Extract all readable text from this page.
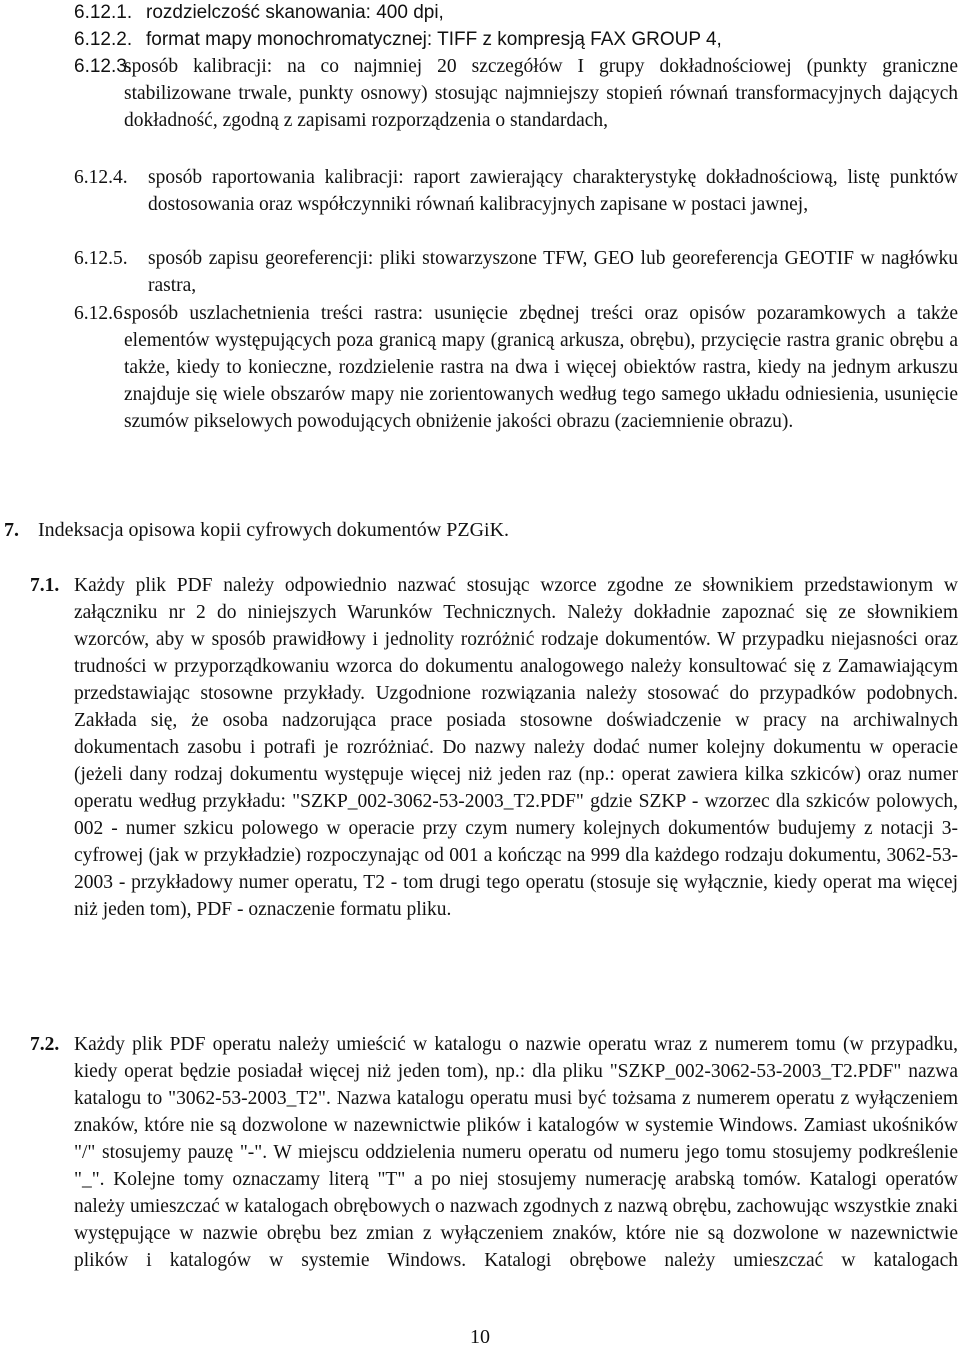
6.12.1. rozdzielczość skanowania: 400 dpi,
6.12.2. format mapy monochromatycznej: TIFF z kompresją FAX GROUP 4,
6.12.3.
sposób kalibracji: na co najmniej 20 szczegółów I grupy dokładnościowej (punkty graniczne stabilizowane trwale, punkty osnowy) stosując najmniejszy stopień równań transformacyjnych dających dokładność, zgodną z zapisami rozporządzenia o standardach,
6.12.4. sposób raportowania kalibracji: raport zawierający charakterystykę dokładnościową, listę punktów dostosowania oraz współczynniki równań kalibracyjnych zapisane w postaci jawnej,
6.12.5. sposób zapisu georeferencji: pliki stowarzyszone TFW, GEO lub georeferencja GEOTIF w nagłówku rastra,
6.12.6.
sposób uszlachetnienia treści rastra: usunięcie zbędnej treści oraz opisów pozaramkowych a także elementów występujących poza granicą mapy (granicą arkusza, obrębu), przycięcie rastra granic obrębu a także, kiedy to konieczne, rozdzielenie rastra na dwa i więcej obiektów rastra, kiedy na jednym arkuszu znajduje się wiele obszarów mapy nie zorientowanych według tego samego układu odniesienia, usunięcie szumów pikselowych powodujących obniżenie jakości obrazu (zaciemnienie obrazu).
7. Indeksacja opisowa kopii cyfrowych dokumentów PZGiK.
7.1. Każdy plik PDF należy odpowiednio nazwać stosując wzorce zgodne ze słownikiem przedstawionym w załączniku nr 2 do niniejszych Warunków Technicznych. Należy dokładnie zapoznać się ze słownikiem wzorców, aby w sposób prawidłowy i jednolity rozróżnić rodzaje dokumentów. W przypadku niejasności oraz trudności w przyporządkowaniu wzorca do dokumentu analogowego należy konsultować się z Zamawiającym przedstawiając stosowne przykłady. Uzgodnione rozwiązania należy stosować do przypadków podobnych. Zakłada się, że osoba nadzorująca prace posiada stosowne doświadczenie w pracy na archiwalnych dokumentach zasobu i potrafi je rozróżniać. Do nazwy należy dodać numer kolejny dokumentu w operacie (jeżeli dany rodzaj dokumentu występuje więcej niż jeden raz (np.: operat zawiera kilka szkiców) oraz numer operatu według przykładu: "SZKP_002-3062-53-2003_T2.PDF" gdzie SZKP - wzorzec dla szkiców polowych, 002 - numer szkicu polowego w operacie przy czym numery kolejnych dokumentów budujemy z notacji 3-cyfrowej (jak w przykładzie) rozpoczynając od 001 a kończąc na 999 dla każdego rodzaju dokumentu, 3062-53-2003 - przykładowy numer operatu, T2 - tom drugi tego operatu (stosuje się wyłącznie, kiedy operat ma więcej niż jeden tom), PDF - oznaczenie formatu pliku.
7.2. Każdy plik PDF operatu należy umieścić w katalogu o nazwie operatu wraz z numerem tomu (w przypadku, kiedy operat będzie posiadał więcej niż jeden tom), np.: dla pliku "SZKP_002-3062-53-2003_T2.PDF" nazwa katalogu to "3062-53-2003_T2". Nazwa katalogu operatu musi być tożsama z numerem operatu z wyłączeniem znaków, które nie są dozwolone w nazewnictwie plików i katalogów w systemie Windows. Zamiast ukośników "/" stosujemy pauzę "-". W miejscu oddzielenia numeru operatu od numeru jego tomu stosujemy podkreślenie "_". Kolejne tomy oznaczamy literą "T" a po niej stosujemy numerację arabską tomów. Katalogi operatów należy umieszczać w katalogach obrębowych o nazwach zgodnych z nazwą obrębu, zachowując wszystkie znaki występujące w nazwie obrębu bez zmian z wyłączeniem znaków, które nie są dozwolone w nazewnictwie plików i katalogów w systemie Windows. Katalogi obrębowe należy umieszczać w katalogach
10
